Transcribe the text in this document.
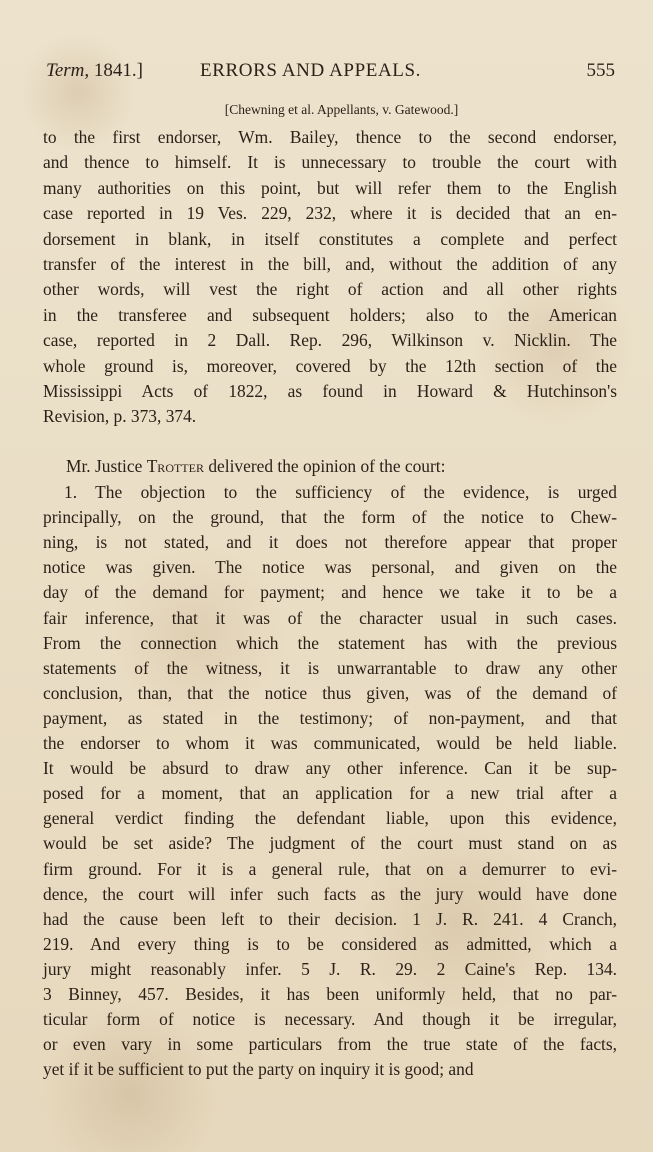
Term, 1841.]	ERRORS AND APPEALS.	555
[Chewning et al. Appellants, v. Gatewood.]
to the first endorser, Wm. Bailey, thence to the second endorser,
and thence to himself. It is unnecessary to trouble the court with
many authorities on this point, but will refer them to the English
case reported in 19 Ves. 229, 232, where it is decided that an en-
dorsement in blank, in itself constitutes a complete and perfect
transfer of the interest in the bill, and, without the addition of any
other words, will vest the right of action and all other rights
in the transferee and subsequent holders; also to the American
case, reported in 2 Dall. Rep. 296, Wilkinson v. Nicklin. The
whole ground is, moreover, covered by the 12th section of the
Mississippi Acts of 1822, as found in Howard & Hutchinson's
Revision, p. 373, 374.
Mr. Justice Trotter delivered the opinion of the court:
1. The objection to the sufficiency of the evidence, is urged
principally, on the ground, that the form of the notice to Chew-
ning, is not stated, and it does not therefore appear that proper
notice was given. The notice was personal, and given on the
day of the demand for payment; and hence we take it to be a
fair inference, that it was of the character usual in such cases.
From the connection which the statement has with the previous
statements of the witness, it is unwarrantable to draw any other
conclusion, than, that the notice thus given, was of the demand of
payment, as stated in the testimony; of non-payment, and that
the endorser to whom it was communicated, would be held liable.
It would be absurd to draw any other inference. Can it be sup-
posed for a moment, that an application for a new trial after a
general verdict finding the defendant liable, upon this evidence,
would be set aside? The judgment of the court must stand on as
firm ground. For it is a general rule, that on a demurrer to evi-
dence, the court will infer such facts as the jury would have done
had the cause been left to their decision. 1 J. R. 241. 4 Cranch,
219. And every thing is to be considered as admitted, which a
jury might reasonably infer. 5 J. R. 29. 2 Caine's Rep. 134.
3 Binney, 457. Besides, it has been uniformly held, that no par-
ticular form of notice is necessary. And though it be irregular,
or even vary in some particulars from the true state of the facts,
yet if it be sufficient to put the party on inquiry it is good; and
